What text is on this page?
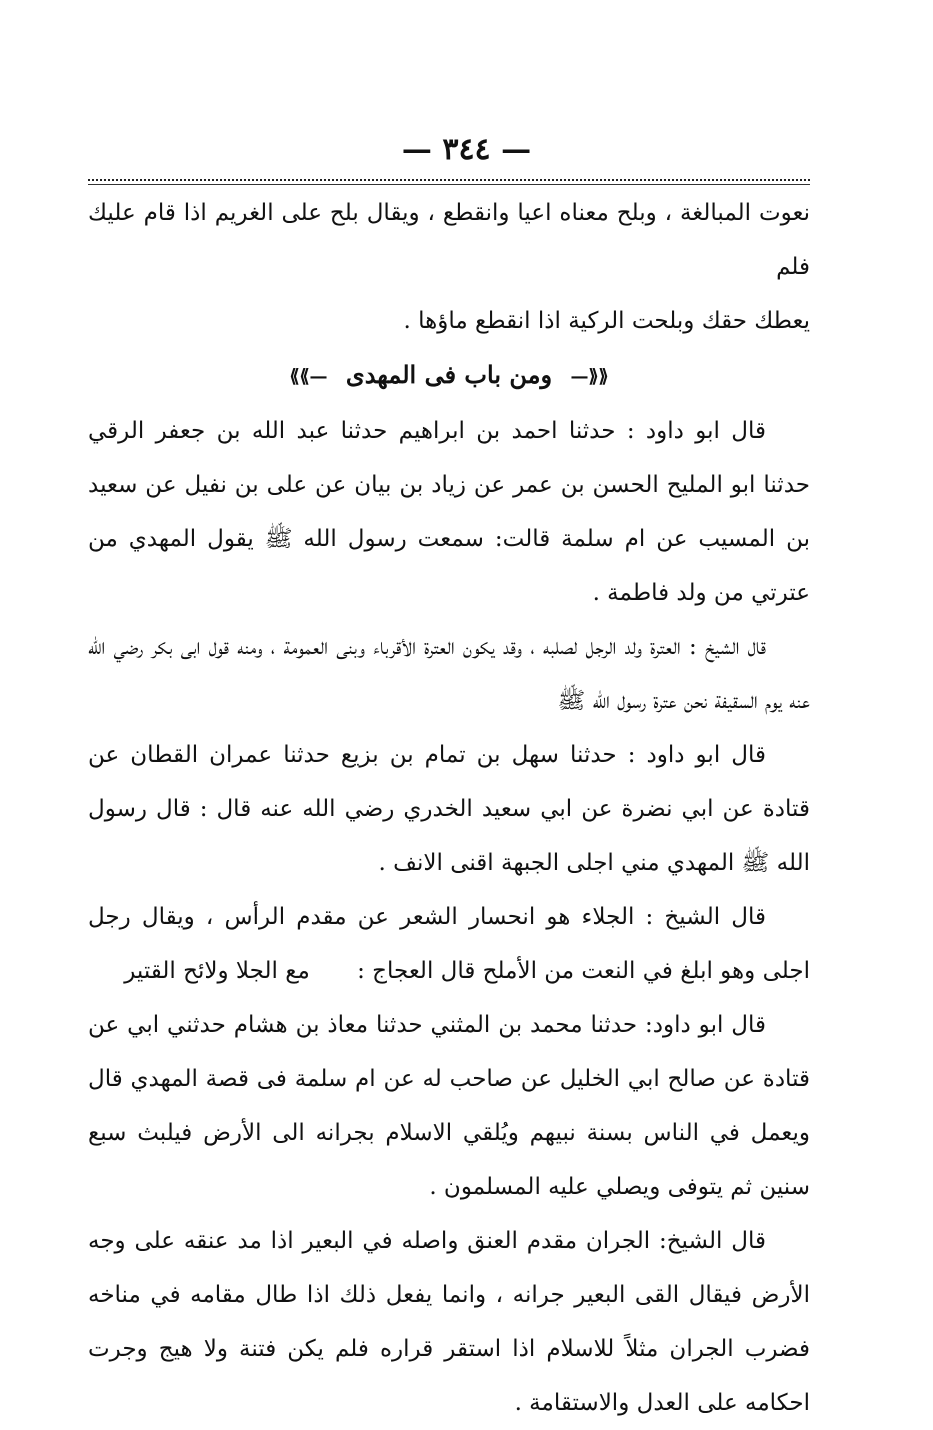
— ٣٤٤ —

نعوت المبالغة ، وبلح معناه اعيا وانقطع ، ويقال بلح على الغريم اذا قام عليك فلم

يعطك حقك وبلحت الركية اذا انقطع ماؤها .

⟪⟪— ومن باب فى المهدى —⟫⟫

قال ابو داود : حدثنا احمد بن ابراهيم حدثنا عبد الله بن جعفر الرقي حدثنا ابو المليح الحسن بن عمر عن زياد بن بيان عن على بن نفيل عن سعيد بن المسيب عن ام سلمة قالت: سمعت رسول الله ﷺ يقول المهدي من عترتي من ولد فاطمة .

قال الشيخ : العترة ولد الرجل لصلبه ، وقد يكون العترة الأقرباء وبنى العمومة ، ومنه قول ابى بكر رضي الله عنه يوم السقيفة نحن عترة رسول الله ﷺ

قال ابو داود : حدثنا سهل بن تمام بن بزيع حدثنا عمران القطان عن قتادة عن ابي نضرة عن ابي سعيد الخدري رضي الله عنه قال : قال رسول الله ﷺ المهدي مني اجلى الجبهة اقنى الانف .

قال الشيخ : الجلاء هو انحسار الشعر عن مقدم الرأس ، ويقال رجل اجلى وهو ابلغ في النعت من الأملح قال العجاج : مع الجلا ولائح القتير

قال ابو داود: حدثنا محمد بن المثني حدثنا معاذ بن هشام حدثني ابي عن قتادة عن صالح ابي الخليل عن صاحب له عن ام سلمة فى قصة المهدي قال ويعمل في الناس بسنة نبيهم ويُلقي الاسلام بجرانه الى الأرض فيلبث سبع سنين ثم يتوفى ويصلي عليه المسلمون .

قال الشيخ: الجران مقدم العنق واصله في البعير اذا مد عنقه على وجه الأرض فيقال القى البعير جرانه ، وانما يفعل ذلك اذا طال مقامه في مناخه فضرب الجران مثلاً للاسلام اذا استقر قراره فلم يكن فتنة ولا هيج وجرت احكامه على العدل والاستقامة .
